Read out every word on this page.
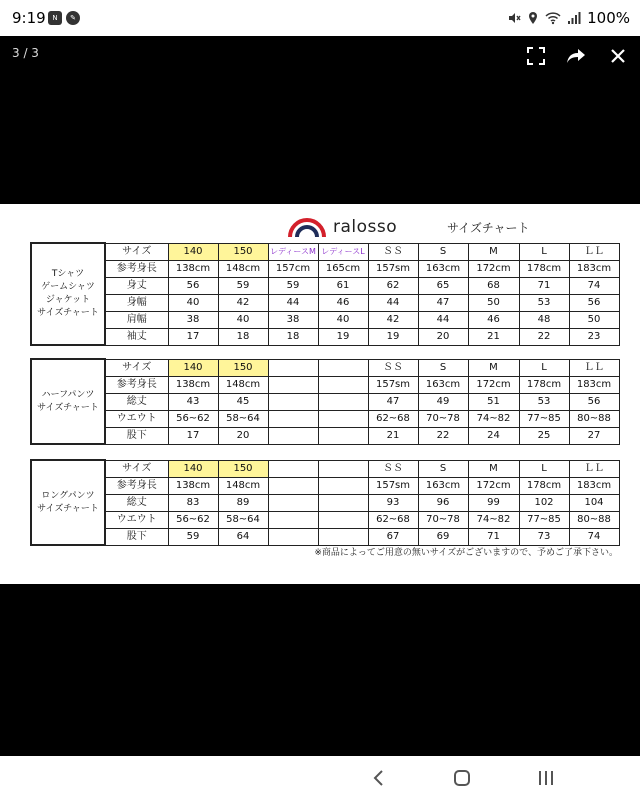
9:19 N	✎	100%
3 / 3
ralosso	サイズチャート
Tシャツ
ゲームシャツ
ジャケット
サイズチャート	サイズ	140	150	レディースM	レディースL	ＳＳ	S	M	L	ＬＬ
	参考身長	138cm	148cm	157cm	165cm	157sm	163cm	172cm	178cm	183cm
	身丈	56	59	59	61	62	65	68	71	74
	身幅	40	42	44	46	44	47	50	53	56
	肩幅	38	40	38	40	42	44	46	48	50
	袖丈	17	18	18	19	19	20	21	22	23
ハーフパンツ
サイズチャート	サイズ	140	150			ＳＳ	S	M	L	ＬＬ
	参考身長	138cm	148cm			157sm	163cm	172cm	178cm	183cm
	総丈	43	45			47	49	51	53	56
	ウエウト	56~62	58~64			62~68	70~78	74~82	77~85	80~88
	股下	17	20			21	22	24	25	27
ロングパンツ
サイズチャート	サイズ	140	150			ＳＳ	S	M	L	ＬＬ
	参考身長	138cm	148cm			157sm	163cm	172cm	178cm	183cm
	総丈	83	89			93	96	99	102	104
	ウエウト	56~62	58~64			62~68	70~78	74~82	77~85	80~88
	股下	59	64			67	69	71	73	74
※商品によってご用意の無いサイズがございますので、予めご了承下さい。
